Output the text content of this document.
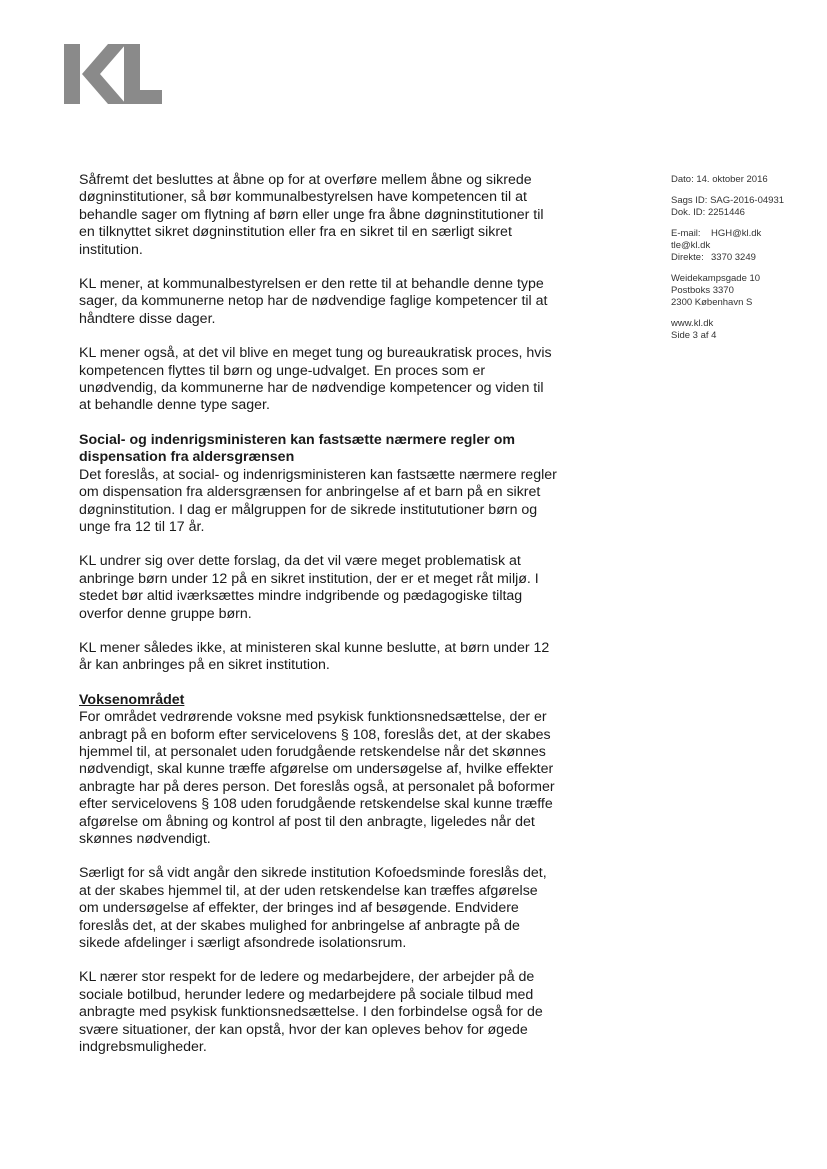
Såfremt det besluttes at åbne op for at overføre mellem åbne og sikrede døgninstitutioner, så bør kommunalbestyrelsen have kompetencen til at behandle sager om flytning af børn eller unge fra åbne døgninstitutioner til en tilknyttet sikret døgninstitution eller fra en sikret til en særligt sikret institution.

KL mener, at kommunalbestyrelsen er den rette til at behandle denne type sager, da kommunerne netop har de nødvendige faglige kompetencer til at håndtere disse dager.

KL mener også, at det vil blive en meget tung og bureaukratisk proces, hvis kompetencen flyttes til børn og unge-udvalget. En proces som er unødvendig, da kommunerne har de nødvendige kompetencer og viden til at behandle denne type sager.

Social- og indenrigsministeren kan fastsætte nærmere regler om dispensation fra aldersgrænsen

Det foreslås, at social- og indenrigsministeren kan fastsætte nærmere regler om dispensation fra aldersgrænsen for anbringelse af et barn på en sikret døgninstitution. I dag er målgruppen for de sikrede institututioner børn og unge fra 12 til 17 år.

KL undrer sig over dette forslag, da det vil være meget problematisk at anbringe børn under 12 på en sikret institution, der er et meget råt miljø. I stedet bør altid iværksættes mindre indgribende og pædagogiske tiltag overfor denne gruppe børn.

KL mener således ikke, at ministeren skal kunne beslutte, at børn under 12 år kan anbringes på en sikret institution.

Voksenområdet

For området vedrørende voksne med psykisk funktionsnedsættelse, der er anbragt på en boform efter servicelovens § 108, foreslås det, at der skabes hjemmel til, at personalet uden forudgående retskendelse når det skønnes nødvendigt, skal kunne træffe afgørelse om undersøgelse af, hvilke effekter anbragte har på deres person. Det foreslås også, at personalet på boformer efter servicelovens § 108 uden forudgående retskendelse skal kunne træffe afgørelse om åbning og kontrol af post til den anbragte, ligeledes når det skønnes nødvendigt.

Særligt for så vidt angår den sikrede institution Kofoedsminde foreslås det, at der skabes hjemmel til, at der uden retskendelse kan træffes afgørelse om undersøgelse af effekter, der bringes ind af besøgende. Endvidere foreslås det, at der skabes mulighed for anbringelse af anbragte på de sikede afdelinger i særligt afsondrede isolationsrum.

KL nærer stor respekt for de ledere og medarbejdere, der arbejder på de sociale botilbud, herunder ledere og medarbejdere på sociale tilbud med anbragte med psykisk funktionsnedsættelse. I den forbindelse også for de svære situationer, der kan opstå, hvor der kan opleves behov for øgede indgrebsmuligheder.

Dato: 14. oktober 2016
Sags ID: SAG-2016-04931
Dok. ID: 2251446
E-mail:	HGH@kl.dk
tle@kl.dk
Direkte: 3370 3249
Weidekampsgade 10
Postboks 3370
2300 København S
www.kl.dk
Side 3 af 4
